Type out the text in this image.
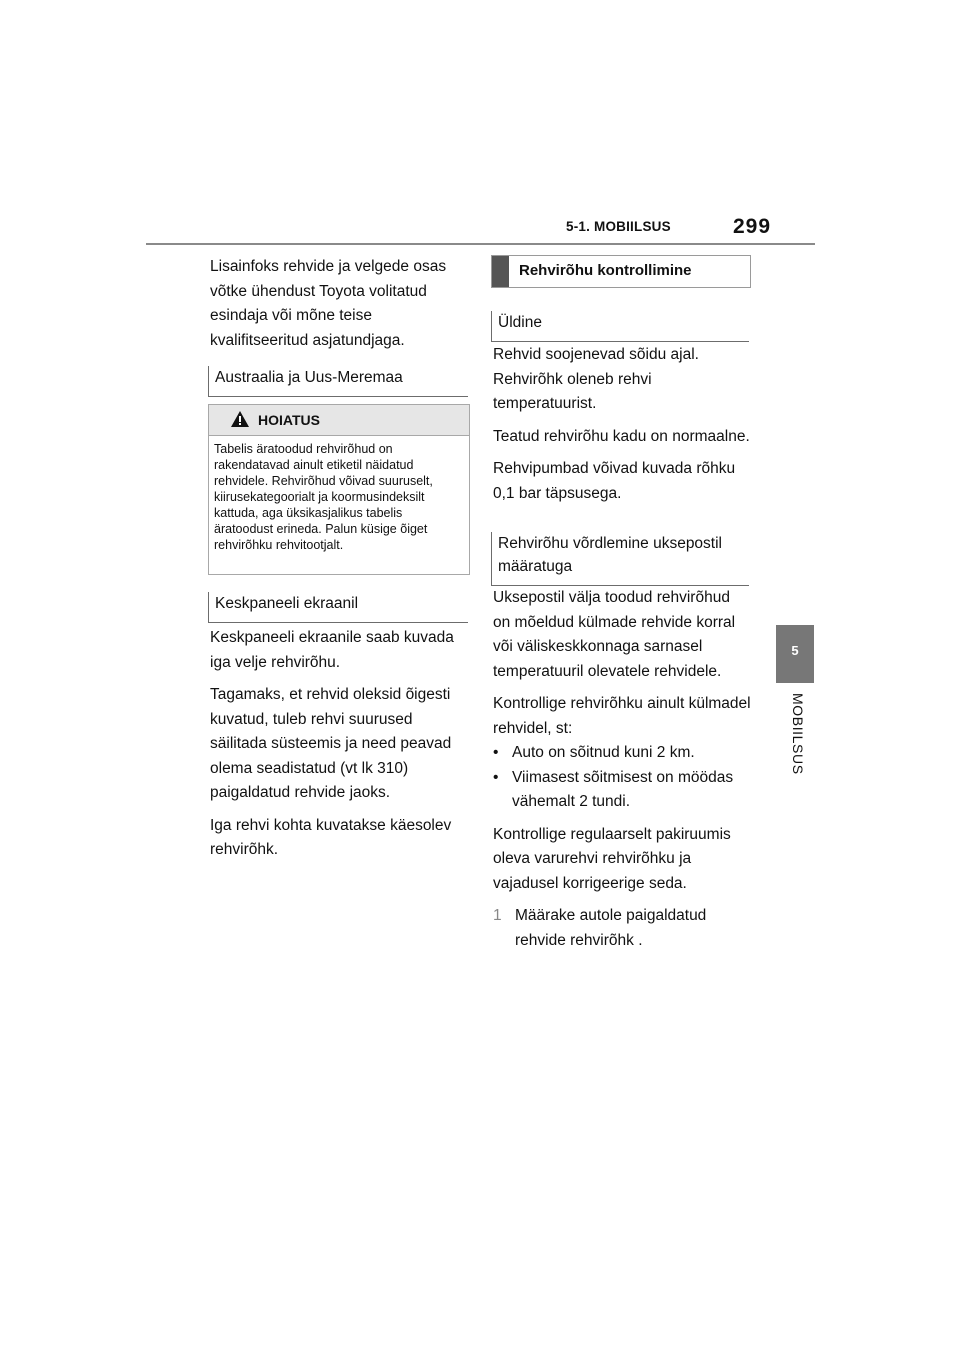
5-1. MOBIILSUS	299
5
MOBIILSUS

Lisainfoks rehvide ja velgede osas võtke ühendust Toyota volitatud esindaja või mõne teise kvalifitseeritud asjatundjaga.

Austraalia ja Uus-Meremaa
HOIATUS
Tabelis äratoodud rehvirõhud on rakendatavad ainult etiketil näidatud rehvidele. Rehvirõhud võivad suuruselt, kiirusekategoorialt ja koormusindeksilt kattuda, aga üksikasjalikus tabelis äratoodust erineda. Palun küsige õiget rehvirõhku rehvitootjalt.
Keskpaneeli ekraanil

Keskpaneeli ekraanile saab kuvada iga velje rehvirõhu.

Tagamaks, et rehvid oleksid õigesti kuvatud, tuleb rehvi suurused säilitada süsteemis ja need peavad olema seadistatud (vt lk 310) paigaldatud rehvide jaoks.

Iga rehvi kohta kuvatakse käesolev rehvirõhk.

Rehvirõhu kontrollimine
Üldine

Rehvid soojenevad sõidu ajal. Rehvirõhk oleneb rehvi temperatuurist.

Teatud rehvirõhu kadu on normaalne.

Rehvipumbad võivad kuvada rõhku 0,1 bar täpsusega.

Rehvirõhu võrdlemine uksepostil määratuga

Uksepostil välja toodud rehvirõhud on mõeldud külmade rehvide korral või väliskeskkonnaga sarnasel temperatuuril olevatele rehvidele.

Kontrollige rehvirõhku ainult külmadel rehvidel, st:

• Auto on sõitnud kuni 2 km.
• Viimasest sõitmisest on möödas vähemalt 2 tundi.

Kontrollige regulaarselt pakiruumis oleva varurehvi rehvirõhku ja vajadusel korrigeerige seda.

1 Määrake autole paigaldatud rehvide rehvirõhk .
